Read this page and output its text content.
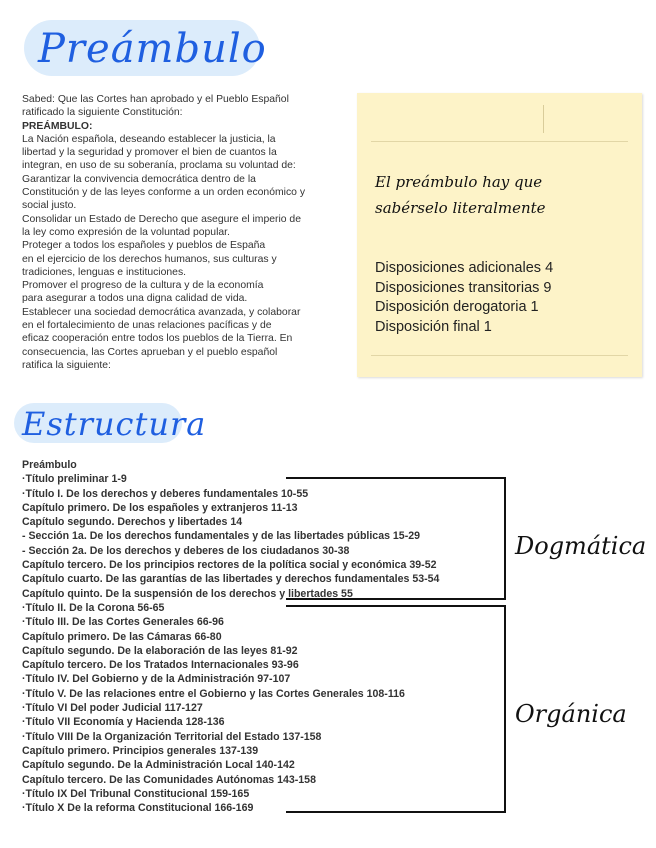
Preámbulo
Sabed: Que las Cortes han aprobado y el Pueblo Español
ratificado la siguiente Constitución:
PREÁMBULO:
La Nación española, deseando establecer la justicia, la
libertad y la seguridad y promover el bien de cuantos la
integran, en uso de su soberanía, proclama su voluntad de:
Garantizar la convivencia democrática dentro de la
Constitución y de las leyes conforme a un orden económico y
social justo.
Consolidar un Estado de Derecho que asegure el imperio de
la ley como expresión de la voluntad popular.
Proteger a todos los españoles y pueblos de España
en el ejercicio de los derechos humanos, sus culturas y
tradiciones, lenguas e instituciones.
Promover el progreso de la cultura y de la economía
para asegurar a todos una digna calidad de vida.
Establecer una sociedad democrática avanzada, y colaborar
en el fortalecimiento de unas relaciones pacíficas y de
eficaz cooperación entre todos los pueblos de la Tierra. En
consecuencia, las Cortes aprueban y el pueblo español
ratifica la siguiente:
El preámbulo hay que
sabérselo literalmente
Disposiciones adicionales 4
Disposiciones transitorias 9
Disposición derogatoria 1
Disposición final 1
Estructura
Preámbulo
·Título preliminar 1-9
·Título I. De los derechos y deberes fundamentales 10-55
Capítulo primero. De los españoles y extranjeros 11-13
Capítulo segundo. Derechos y libertades 14
- Sección 1a. De los derechos fundamentales y de las libertades públicas 15-29
- Sección 2a. De los derechos y deberes de los ciudadanos 30-38
Capítulo tercero. De los principios rectores de la política social y económica 39-52
Capítulo cuarto. De las garantías de las libertades y derechos fundamentales 53-54
Capítulo quinto. De la suspensión de los derechos y libertades 55
·Título II. De la Corona 56-65
·Título III. De las Cortes Generales 66-96
Capítulo primero. De las Cámaras 66-80
Capítulo segundo. De la elaboración de las leyes 81-92
Capítulo tercero. De los Tratados Internacionales 93-96
·Título IV. Del Gobierno y de la Administración 97-107
·Título V. De las relaciones entre el Gobierno y las Cortes Generales 108-116
·Título VI Del poder Judicial 117-127
·Título VII Economía y Hacienda 128-136
·Título VIII De la Organización Territorial del Estado 137-158
Capítulo primero. Principios generales 137-139
Capítulo segundo. De la Administración Local 140-142
Capítulo tercero. De las Comunidades Autónomas 143-158
·Título IX Del Tribunal Constitucional 159-165
·Título X De la reforma Constitucional 166-169
Dogmática
Orgánica
